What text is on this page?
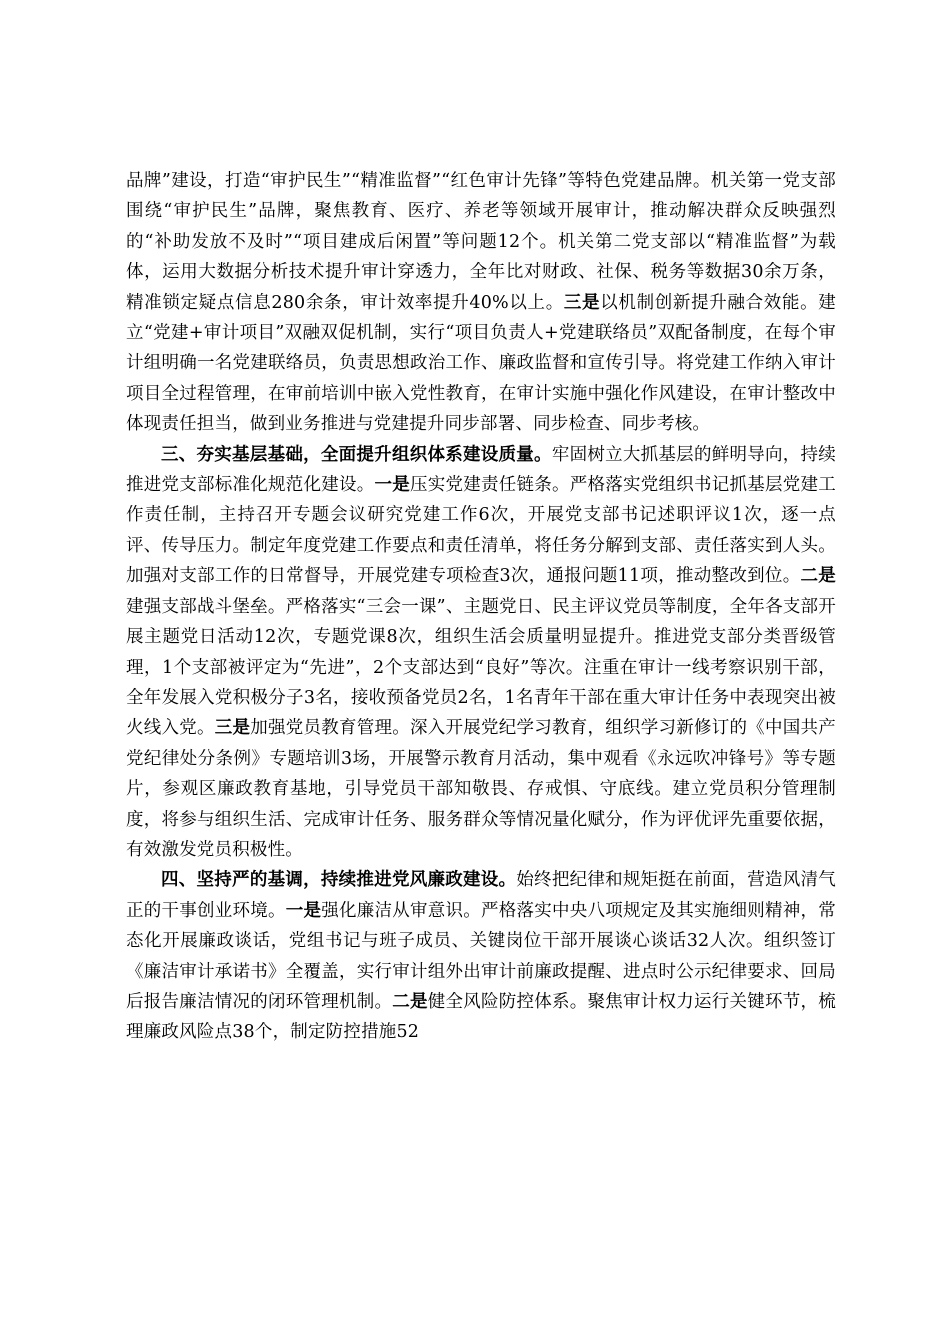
品牌”建设，打造“审护民生”“精准监督”“红色审计先锋”等特色党建品牌。机关第一党支部围绕“审护民生”品牌，聚焦教育、医疗、养老等领域开展审计，推动解决群众反映强烈的“补助发放不及时”“项目建成后闲置”等问题12个。机关第二党支部以“精准监督”为载体，运用大数据分析技术提升审计穿透力，全年比对财政、社保、税务等数据30余万条，精准锁定疑点信息280余条，审计效率提升40%以上。三是以机制创新提升融合效能。建立“党建+审计项目”双融双促机制，实行“项目负责人+党建联络员”双配备制度，在每个审计组明确一名党建联络员，负责思想政治工作、廉政监督和宣传引导。将党建工作纳入审计项目全过程管理，在审前培训中嵌入党性教育，在审计实施中强化作风建设，在审计整改中体现责任担当，做到业务推进与党建提升同步部署、同步检查、同步考核。

三、夯实基层基础，全面提升组织体系建设质量。牢固树立大抓基层的鲜明导向，持续推进党支部标准化规范化建设。一是压实党建责任链条。严格落实党组织书记抓基层党建工作责任制，主持召开专题会议研究党建工作6次，开展党支部书记述职评议1次，逐一点评、传导压力。制定年度党建工作要点和责任清单，将任务分解到支部、责任落实到人头。加强对支部工作的日常督导，开展党建专项检查3次，通报问题11项，推动整改到位。二是建强支部战斗堡垒。严格落实“三会一课”、主题党日、民主评议党员等制度，全年各支部开展主题党日活动12次，专题党课8次，组织生活会质量明显提升。推进党支部分类晋级管理，1个支部被评定为“先进”，2个支部达到“良好”等次。注重在审计一线考察识别干部，全年发展入党积极分子3名，接收预备党员2名，1名青年干部在重大审计任务中表现突出被火线入党。三是加强党员教育管理。深入开展党纪学习教育，组织学习新修订的《中国共产党纪律处分条例》专题培训3场，开展警示教育月活动，集中观看《永远吹冲锋号》等专题片，参观区廉政教育基地，引导党员干部知敬畏、存戒惧、守底线。建立党员积分管理制度，将参与组织生活、完成审计任务、服务群众等情况量化赋分，作为评优评先重要依据，有效激发党员积极性。

四、坚持严的基调，持续推进党风廉政建设。始终把纪律和规矩挺在前面，营造风清气正的干事创业环境。一是强化廉洁从审意识。严格落实中央八项规定及其实施细则精神，常态化开展廉政谈话，党组书记与班子成员、关键岗位干部开展谈心谈话32人次。组织签订《廉洁审计承诺书》全覆盖，实行审计组外出审计前廉政提醒、进点时公示纪律要求、回局后报告廉洁情况的闭环管理机制。二是健全风险防控体系。聚焦审计权力运行关键环节，梳理廉政风险点38个，制定防控措施52
